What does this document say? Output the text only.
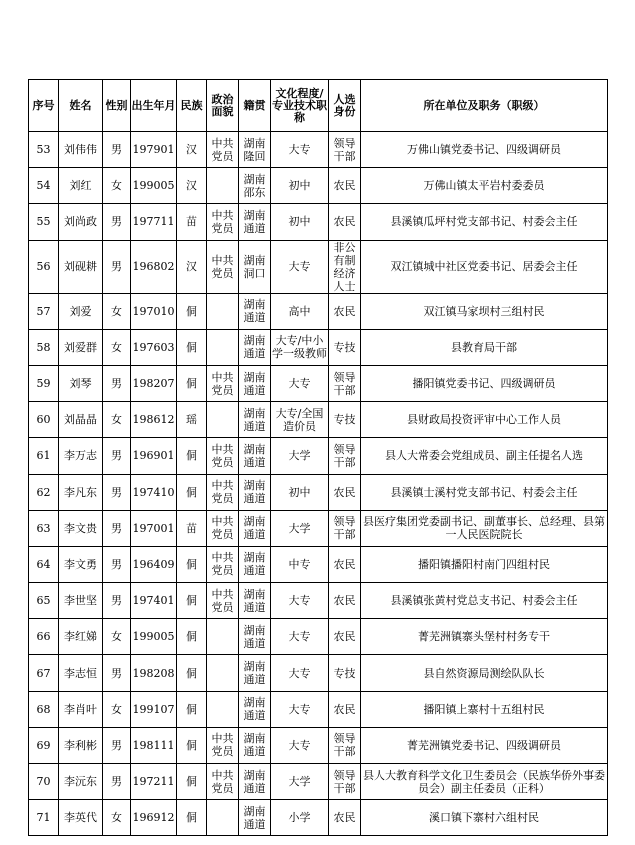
序号	姓名	性别	出生年月	民族	政治面貌	籍贯	文化程度/专业技术职称	人选身份	所在单位及职务（职级）
53	刘伟伟	男	197901	汉	中共党员	湖南隆回	大专	领导干部	万佛山镇党委书记、四级调研员
54	刘红	女	199005	汉		湖南邵东	初中	农民	万佛山镇太平岩村委委员
55	刘尚政	男	197711	苗	中共党员	湖南通道	初中	农民	县溪镇瓜坪村党支部书记、村委会主任
56	刘砚耕	男	196802	汉	中共党员	湖南洞口	大专	非公有制经济人士	双江镇城中社区党委书记、居委会主任
57	刘爱	女	197010	侗		湖南通道	高中	农民	双江镇马家坝村三组村民
58	刘爱群	女	197603	侗		湖南通道	大专/中小学一级教师	专技	县教育局干部
59	刘琴	男	198207	侗	中共党员	湖南通道	大专	领导干部	播阳镇党委书记、四级调研员
60	刘晶晶	女	198612	瑶		湖南通道	大专/全国造价员	专技	县财政局投资评审中心工作人员
61	李万志	男	196901	侗	中共党员	湖南通道	大学	领导干部	县人大常委会党组成员、副主任提名人选
62	李凡东	男	197410	侗	中共党员	湖南通道	初中	农民	县溪镇士溪村党支部书记、村委会主任
63	李文贵	男	197001	苗	中共党员	湖南通道	大学	领导干部	县医疗集团党委副书记、副董事长、总经理、县第一人民医院院长
64	李文勇	男	196409	侗	中共党员	湖南通道	中专	农民	播阳镇播阳村南门四组村民
65	李世坚	男	197401	侗	中共党员	湖南通道	大专	农民	县溪镇张黄村党总支书记、村委会主任
66	李红娣	女	199005	侗		湖南通道	大专	农民	菁芜洲镇寨头堡村村务专干
67	李志恒	男	198208	侗		湖南通道	大专	专技	县自然资源局测绘队队长
68	李肖叶	女	199107	侗		湖南通道	大专	农民	播阳镇上寨村十五组村民
69	李利彬	男	198111	侗	中共党员	湖南通道	大专	领导干部	菁芜洲镇党委书记、四级调研员
70	李沅东	男	197211	侗	中共党员	湖南通道	大学	领导干部	县人大教育科学文化卫生委员会（民族华侨外事委员会）副主任委员（正科）
71	李英代	女	196912	侗		湖南通道	小学	农民	溪口镇下寨村六组村民
